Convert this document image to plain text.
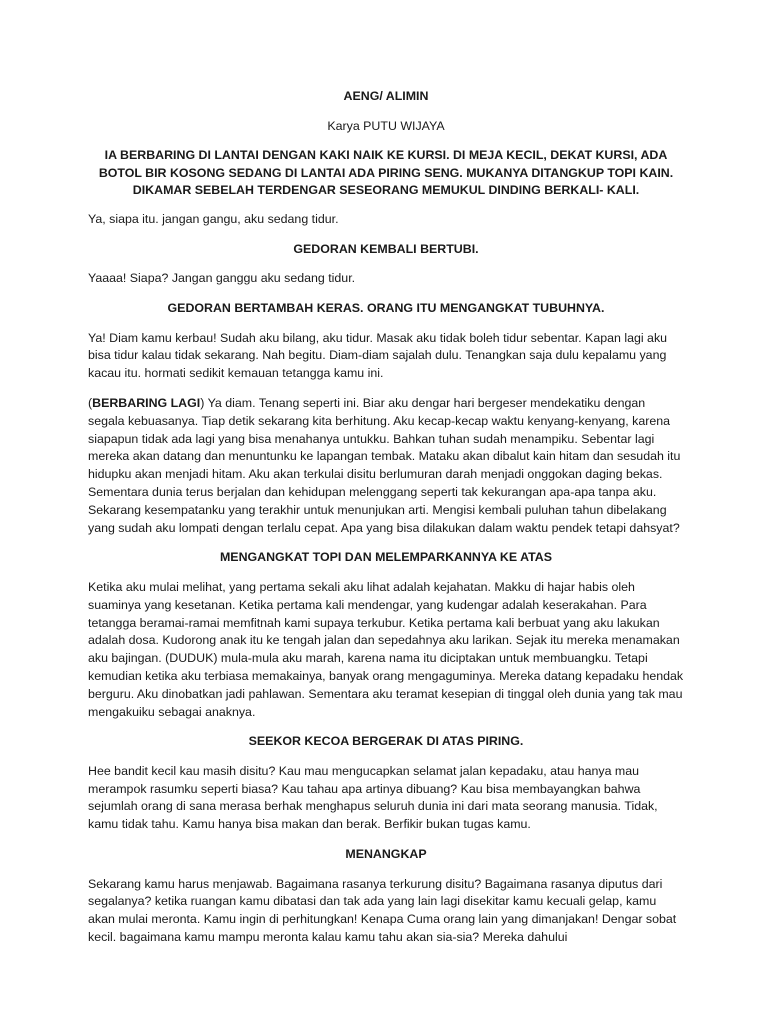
AENG/ ALIMIN
Karya PUTU WIJAYA
IA BERBARING DI LANTAI DENGAN KAKI NAIK KE KURSI. DI MEJA KECIL, DEKAT KURSI, ADA BOTOL BIR KOSONG SEDANG DI LANTAI ADA PIRING SENG. MUKANYA DITANGKUP TOPI KAIN. DIKAMAR SEBELAH TERDENGAR SESEORANG MEMUKUL DINDING BERKALI- KALI.
Ya, siapa itu. jangan gangu, aku sedang tidur.
GEDORAN KEMBALI BERTUBI.
Yaaaa! Siapa? Jangan ganggu aku sedang tidur.
GEDORAN BERTAMBAH KERAS. ORANG ITU MENGANGKAT TUBUHNYA.
Ya! Diam kamu kerbau! Sudah aku bilang, aku tidur. Masak aku tidak boleh tidur sebentar. Kapan lagi aku bisa tidur kalau tidak sekarang. Nah begitu. Diam-diam sajalah dulu. Tenangkan saja dulu kepalamu yang kacau itu. hormati sedikit kemauan tetangga kamu ini.
(BERBARING LAGI) Ya diam. Tenang seperti ini. Biar aku dengar hari bergeser mendekatiku dengan segala kebuasanya. Tiap detik sekarang kita berhitung. Aku kecap-kecap waktu kenyang-kenyang, karena siapapun tidak ada lagi yang bisa menahanya untukku. Bahkan tuhan sudah menampiku. Sebentar lagi mereka akan datang dan menuntunku ke lapangan tembak. Mataku akan dibalut kain hitam dan sesudah itu hidupku akan menjadi hitam. Aku akan terkulai disitu berlumuran darah menjadi onggokan daging bekas. Sementara dunia terus berjalan dan kehidupan melenggang seperti tak kekurangan apa-apa tanpa aku. Sekarang kesempatanku yang terakhir untuk menunjukan arti. Mengisi kembali puluhan tahun dibelakang yang sudah aku lompati dengan terlalu cepat. Apa yang bisa dilakukan dalam waktu pendek tetapi dahsyat?
MENGANGKAT TOPI DAN MELEMPARKANNYA KE ATAS
Ketika aku mulai melihat, yang pertama sekali aku lihat adalah kejahatan. Makku di hajar habis oleh suaminya yang kesetanan. Ketika pertama kali mendengar, yang kudengar adalah keserakahan. Para tetangga beramai-ramai memfitnah kami supaya terkubur. Ketika pertama kali berbuat yang aku lakukan adalah dosa. Kudorong anak itu ke tengah jalan dan sepedahnya aku larikan. Sejak itu mereka menamakan aku bajingan. (DUDUK) mula-mula aku marah, karena nama itu diciptakan untuk membuangku. Tetapi kemudian ketika aku terbiasa memakainya, banyak orang mengaguminya. Mereka datang kepadaku hendak berguru. Aku dinobatkan jadi pahlawan. Sementara aku teramat kesepian di tinggal oleh dunia yang tak mau mengakuiku sebagai anaknya.
SEEKOR KECOA BERGERAK DI ATAS PIRING.
Hee bandit kecil kau masih disitu? Kau mau mengucapkan selamat jalan kepadaku, atau hanya mau merampok rasumku seperti biasa? Kau tahau apa artinya dibuang? Kau bisa membayangkan bahwa sejumlah orang di sana merasa berhak menghapus seluruh dunia ini dari mata seorang manusia. Tidak, kamu tidak tahu. Kamu hanya bisa makan dan berak. Berfikir bukan tugas kamu.
MENANGKAP
Sekarang kamu harus menjawab. Bagaimana rasanya terkurung disitu? Bagaimana rasanya diputus dari segalanya? ketika ruangan kamu dibatasi dan tak ada yang lain lagi disekitar kamu kecuali gelap, kamu akan mulai meronta. Kamu ingin di perhitungkan! Kenapa Cuma orang lain yang dimanjakan! Dengar sobat kecil. bagaimana kamu mampu meronta kalau kamu tahu akan sia-sia? Mereka dahului
